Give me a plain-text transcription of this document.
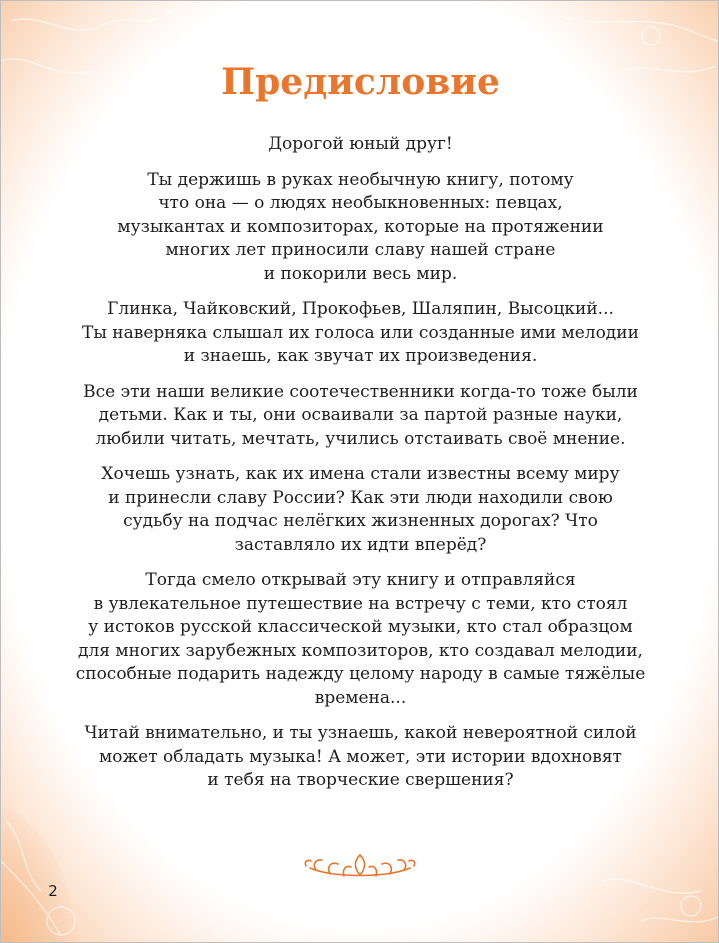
Предисловие

Дорогой юный друг!

Ты держишь в руках необычную книгу, потому
что она — о людях необыкновенных: певцах,
музыкантах и композиторах, которые на протяжении
многих лет приносили славу нашей стране
и покорили весь мир.

Глинка, Чайковский, Прокофьев, Шаляпин, Высоцкий...
Ты наверняка слышал их голоса или созданные ими мелодии
и знаешь, как звучат их произведения.

Все эти наши великие соотечественники когда-то тоже были
детьми. Как и ты, они осваивали за партой разные науки,
любили читать, мечтать, учились отстаивать своё мнение.

Хочешь узнать, как их имена стали известны всему миру
и принесли славу России? Как эти люди находили свою
судьбу на подчас нелёгких жизненных дорогах? Что
заставляло их идти вперёд?

Тогда смело открывай эту книгу и отправляйся
в увлекательное путешествие на встречу с теми, кто стоял
у истоков русской классической музыки, кто стал образцом
для многих зарубежных композиторов, кто создавал мелодии,
способные подарить надежду целому народу в самые тяжёлые
времена...

Читай внимательно, и ты узнаешь, какой невероятной силой
может обладать музыка! А может, эти истории вдохновят
и тебя на творческие свершения?

2
